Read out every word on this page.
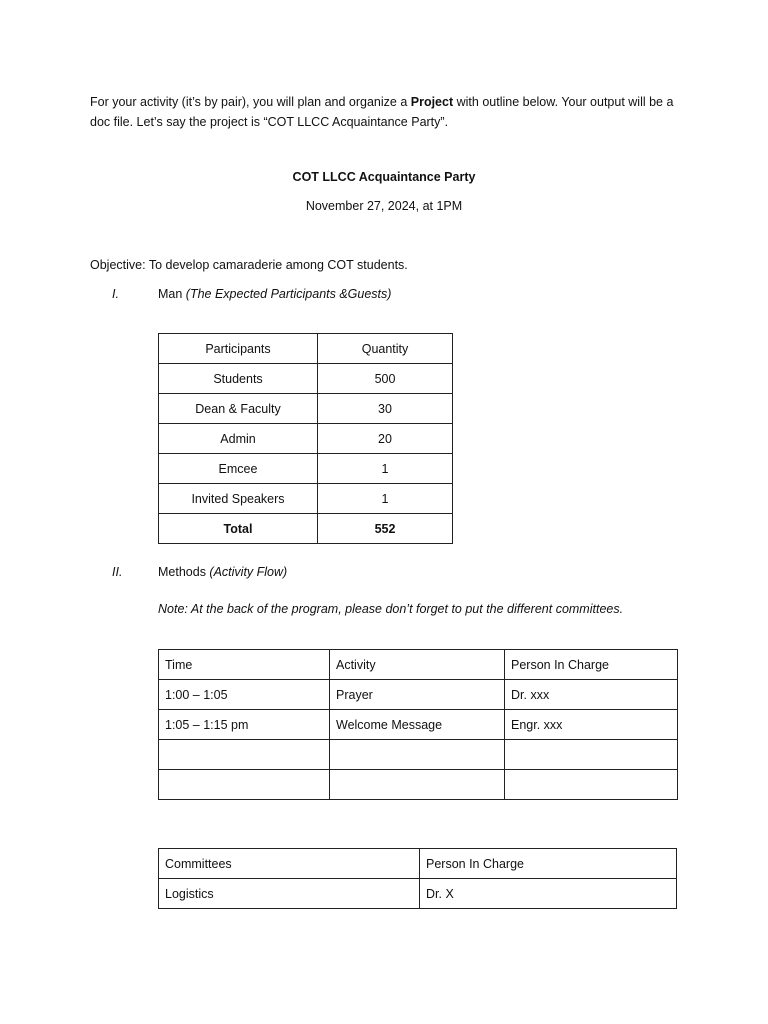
For your activity (it’s by pair), you will plan and organize a Project with outline below. Your output will be a doc file. Let’s say the project is “COT LLCC Acquaintance Party”.
COT LLCC Acquaintance Party
November 27, 2024, at 1PM
Objective: To develop camaraderie among COT students.
I.	Man (The Expected Participants &Guests)
Participants	Quantity
Students	500
Dean & Faculty	30
Admin	20
Emcee	1
Invited Speakers	1
Total	552
II.	Methods (Activity Flow)
Note: At the back of the program, please don’t forget to put the different committees.
Time	Activity	Person In Charge
1:00 – 1:05	Prayer	Dr. xxx
1:05 – 1:15 pm	Welcome Message	Engr. xxx

Committees	Person In Charge
Logistics	Dr. X
